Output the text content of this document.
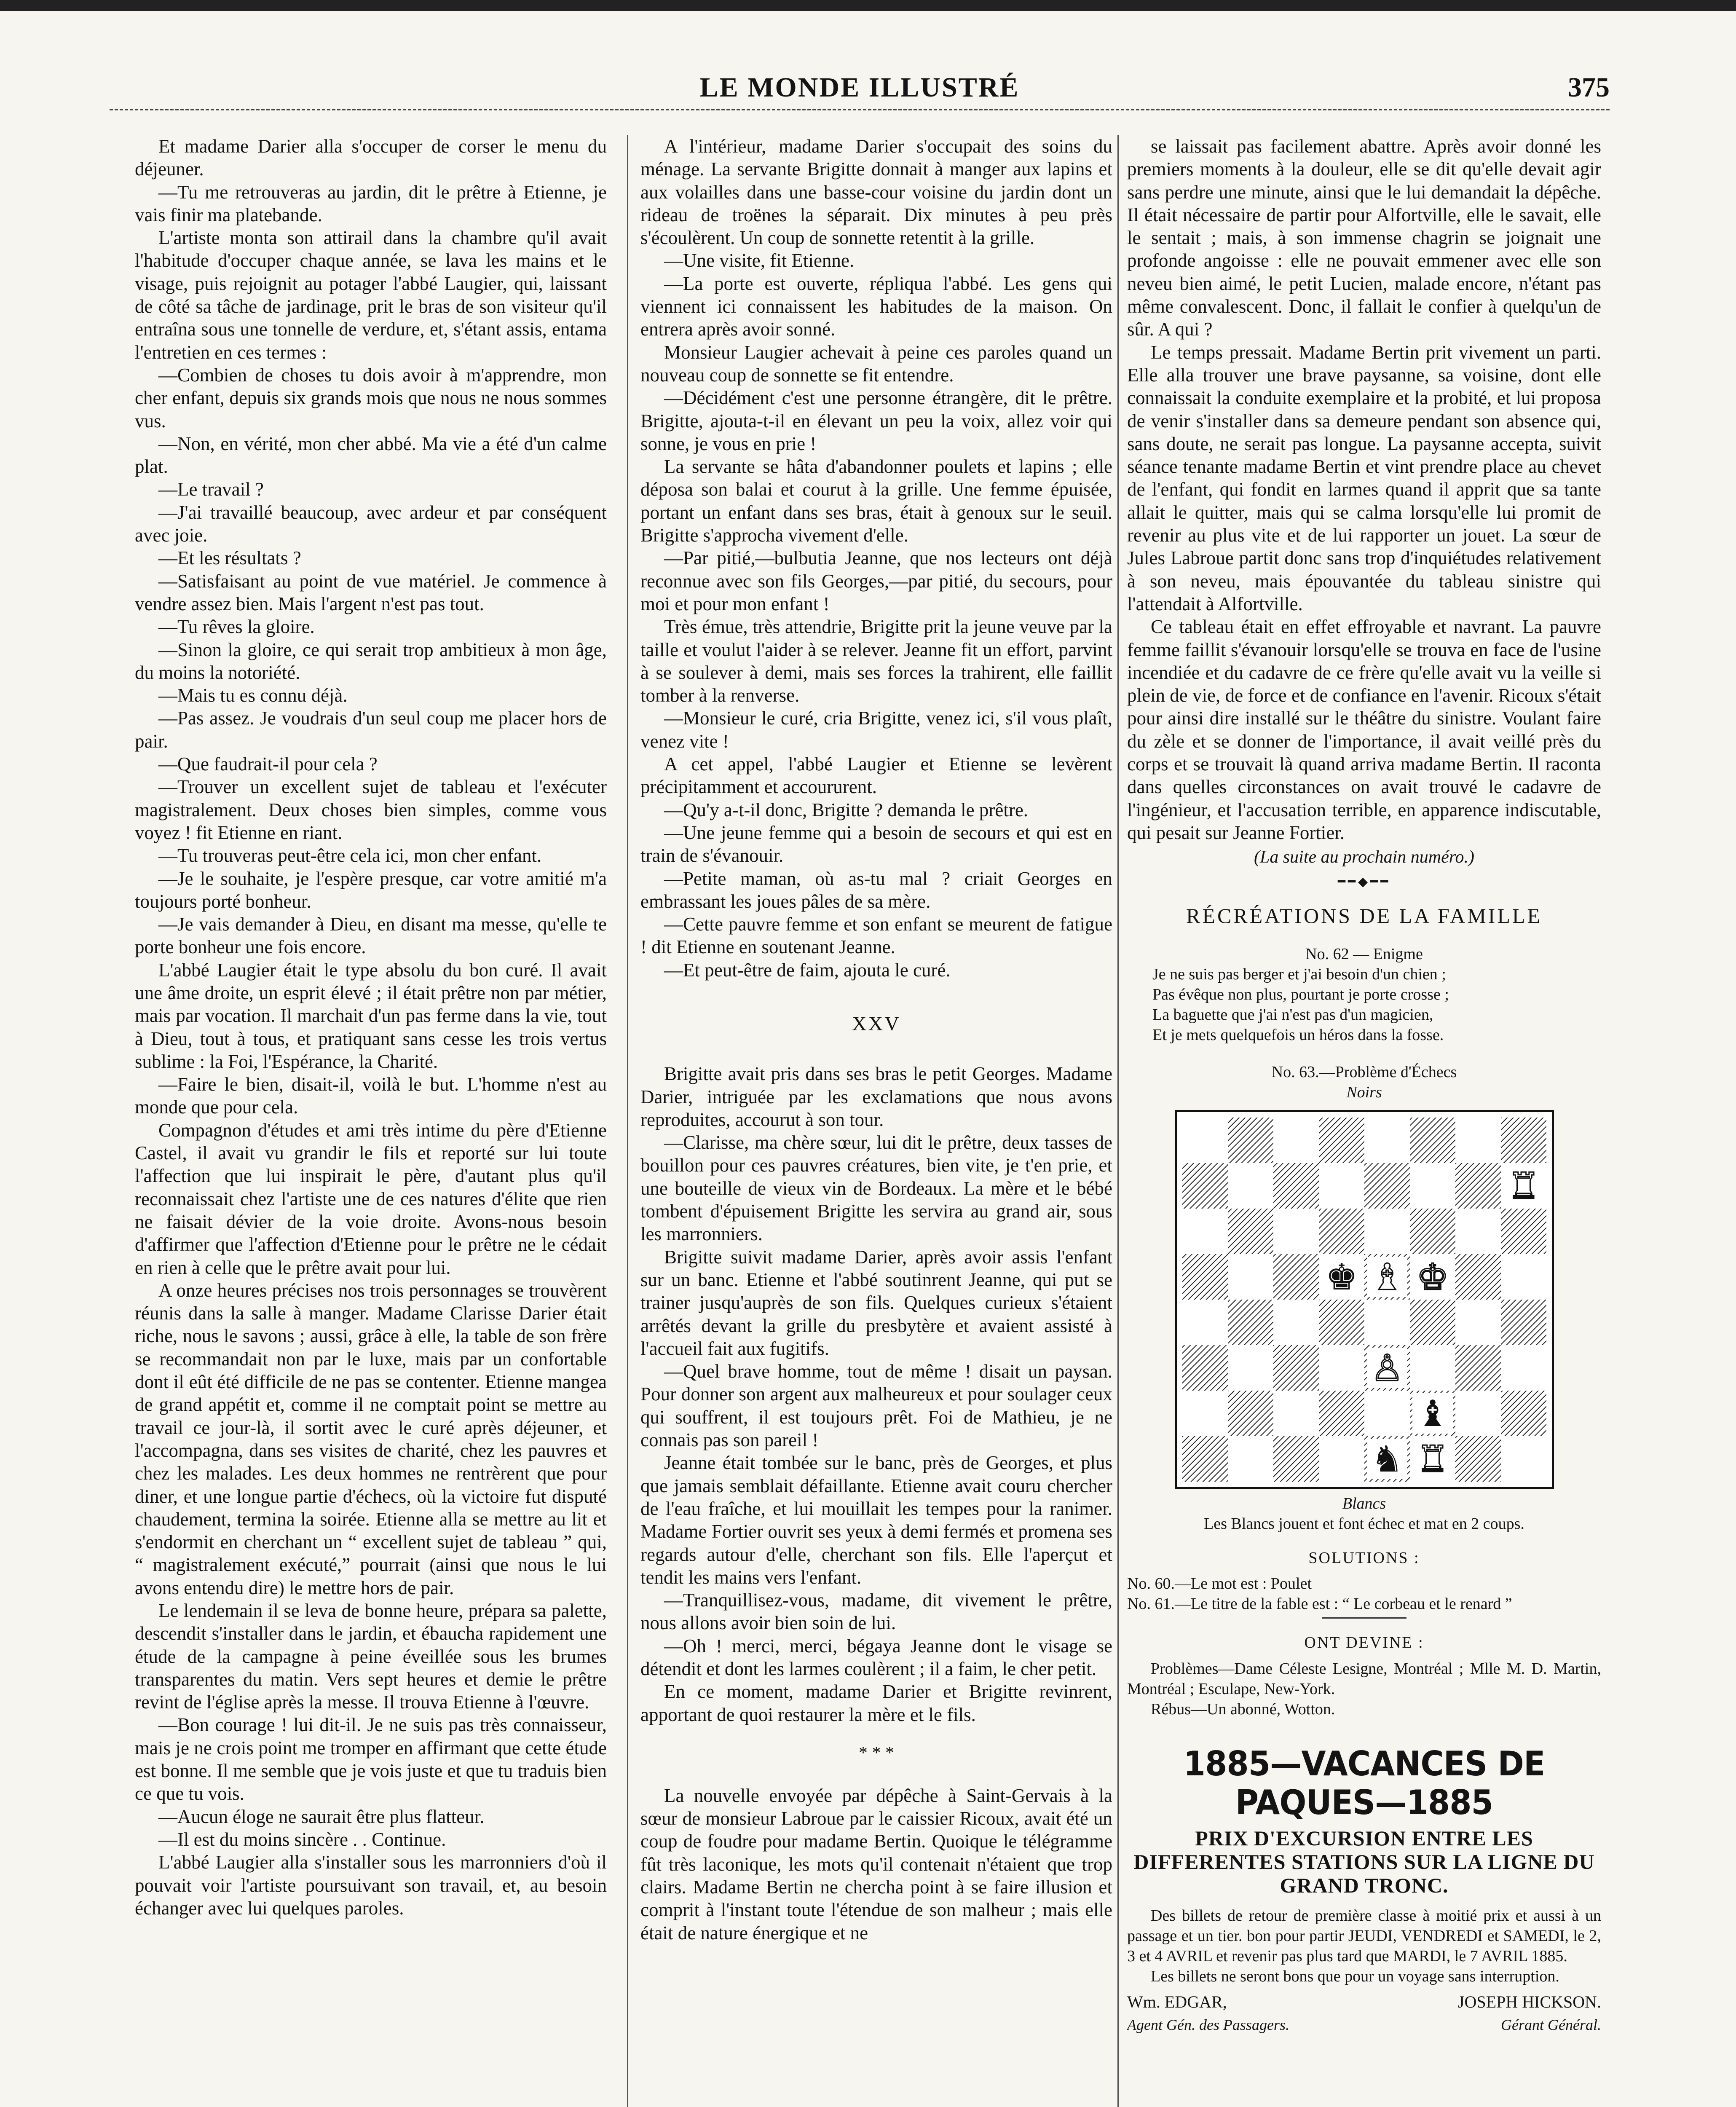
LE MONDE ILLUSTRÉ	375

Et madame Darier alla s'occuper de corser le menu du déjeuner.

—Tu me retrouveras au jardin, dit le prêtre à Etienne, je vais finir ma platebande.

L'artiste monta son attirail dans la chambre qu'il avait l'habitude d'occuper chaque année, se lava les mains et le visage, puis rejoignit au potager l'abbé Laugier, qui, laissant de côté sa tâche de jardinage, prit le bras de son visiteur qu'il entraîna sous une tonnelle de verdure, et, s'étant assis, entama l'entretien en ces termes :

—Combien de choses tu dois avoir à m'apprendre, mon cher enfant, depuis six grands mois que nous ne nous sommes vus.

—Non, en vérité, mon cher abbé. Ma vie a été d'un calme plat.

—Le travail ?

—J'ai travaillé beaucoup, avec ardeur et par conséquent avec joie.

—Et les résultats ?

—Satisfaisant au point de vue matériel. Je commence à vendre assez bien. Mais l'argent n'est pas tout.

—Tu rêves la gloire.

—Sinon la gloire, ce qui serait trop ambitieux à mon âge, du moins la notoriété.

—Mais tu es connu déjà.

—Pas assez. Je voudrais d'un seul coup me placer hors de pair.

—Que faudrait-il pour cela ?

—Trouver un excellent sujet de tableau et l'exécuter magistralement. Deux choses bien simples, comme vous voyez ! fit Etienne en riant.

—Tu trouveras peut-être cela ici, mon cher enfant.

—Je le souhaite, je l'espère presque, car votre amitié m'a toujours porté bonheur.

—Je vais demander à Dieu, en disant ma messe, qu'elle te porte bonheur une fois encore.

L'abbé Laugier était le type absolu du bon curé. Il avait une âme droite, un esprit élevé ; il était prêtre non par métier, mais par vocation. Il marchait d'un pas ferme dans la vie, tout à Dieu, tout à tous, et pratiquant sans cesse les trois vertus sublime : la Foi, l'Espérance, la Charité.

—Faire le bien, disait-il, voilà le but. L'homme n'est au monde que pour cela.

Compagnon d'études et ami très intime du père d'Etienne Castel, il avait vu grandir le fils et reporté sur lui toute l'affection que lui inspirait le père, d'autant plus qu'il reconnaissait chez l'artiste une de ces natures d'élite que rien ne faisait dévier de la voie droite. Avons-nous besoin d'affirmer que l'affection d'Etienne pour le prêtre ne le cédait en rien à celle que le prêtre avait pour lui.

A onze heures précises nos trois personnages se trouvèrent réunis dans la salle à manger. Madame Clarisse Darier était riche, nous le savons ; aussi, grâce à elle, la table de son frère se recommandait non par le luxe, mais par un confortable dont il eût été difficile de ne pas se contenter. Etienne mangea de grand appétit et, comme il ne comptait point se mettre au travail ce jour-là, il sortit avec le curé après déjeuner, et l'accompagna, dans ses visites de charité, chez les pauvres et chez les malades. Les deux hommes ne rentrèrent que pour diner, et une longue partie d'échecs, où la victoire fut disputé chaudement, termina la soirée. Etienne alla se mettre au lit et s'endormit en cherchant un “ excellent sujet de tableau ” qui, “ magistralement exécuté,” pourrait (ainsi que nous le lui avons entendu dire) le mettre hors de pair.

Le lendemain il se leva de bonne heure, prépara sa palette, descendit s'installer dans le jardin, et ébaucha rapidement une étude de la campagne à peine éveillée sous les brumes transparentes du matin. Vers sept heures et demie le prêtre revint de l'église après la messe. Il trouva Etienne à l'œuvre.

—Bon courage ! lui dit-il. Je ne suis pas très connaisseur, mais je ne crois point me tromper en affirmant que cette étude est bonne. Il me semble que je vois juste et que tu traduis bien ce que tu vois.

—Aucun éloge ne saurait être plus flatteur.

—Il est du moins sincère . . Continue.

L'abbé Laugier alla s'installer sous les marronniers d'où il pouvait voir l'artiste poursuivant son travail, et, au besoin échanger avec lui quelques paroles.

A l'intérieur, madame Darier s'occupait des soins du ménage. La servante Brigitte donnait à manger aux lapins et aux volailles dans une basse-cour voisine du jardin dont un rideau de troënes la séparait. Dix minutes à peu près s'écoulèrent. Un coup de sonnette retentit à la grille.

—Une visite, fit Etienne.

—La porte est ouverte, répliqua l'abbé. Les gens qui viennent ici connaissent les habitudes de la maison. On entrera après avoir sonné.

Monsieur Laugier achevait à peine ces paroles quand un nouveau coup de sonnette se fit entendre.

—Décidément c'est une personne étrangère, dit le prêtre. Brigitte, ajouta-t-il en élevant un peu la voix, allez voir qui sonne, je vous en prie !

La servante se hâta d'abandonner poulets et lapins ; elle déposa son balai et courut à la grille. Une femme épuisée, portant un enfant dans ses bras, était à genoux sur le seuil. Brigitte s'approcha vivement d'elle.

—Par pitié,—bulbutia Jeanne, que nos lecteurs ont déjà reconnue avec son fils Georges,—par pitié, du secours, pour moi et pour mon enfant !

Très émue, très attendrie, Brigitte prit la jeune veuve par la taille et voulut l'aider à se relever. Jeanne fit un effort, parvint à se soulever à demi, mais ses forces la trahirent, elle faillit tomber à la renverse.

—Monsieur le curé, cria Brigitte, venez ici, s'il vous plaît, venez vite !

A cet appel, l'abbé Laugier et Etienne se levèrent précipitamment et accoururent.

—Qu'y a-t-il donc, Brigitte ? demanda le prêtre.

—Une jeune femme qui a besoin de secours et qui est en train de s'évanouir.

—Petite maman, où as-tu mal ? criait Georges en embrassant les joues pâles de sa mère.

—Cette pauvre femme et son enfant se meurent de fatigue ! dit Etienne en soutenant Jeanne.

—Et peut-être de faim, ajouta le curé.

XXV

Brigitte avait pris dans ses bras le petit Georges. Madame Darier, intriguée par les exclamations que nous avons reproduites, accourut à son tour.

—Clarisse, ma chère sœur, lui dit le prêtre, deux tasses de bouillon pour ces pauvres créatures, bien vite, je t'en prie, et une bouteille de vieux vin de Bordeaux. La mère et le bébé tombent d'épuisement Brigitte les servira au grand air, sous les marronniers.

Brigitte suivit madame Darier, après avoir assis l'enfant sur un banc. Etienne et l'abbé soutinrent Jeanne, qui put se trainer jusqu'auprès de son fils. Quelques curieux s'étaient arrêtés devant la grille du presbytère et avaient assisté à l'accueil fait aux fugitifs.

—Quel brave homme, tout de même ! disait un paysan. Pour donner son argent aux malheureux et pour soulager ceux qui souffrent, il est toujours prêt. Foi de Mathieu, je ne connais pas son pareil !

Jeanne était tombée sur le banc, près de Georges, et plus que jamais semblait défaillante. Etienne avait couru chercher de l'eau fraîche, et lui mouillait les tempes pour la ranimer. Madame Fortier ouvrit ses yeux à demi fermés et promena ses regards autour d'elle, cherchant son fils. Elle l'aperçut et tendit les mains vers l'enfant.

—Tranquillisez-vous, madame, dit vivement le prêtre, nous allons avoir bien soin de lui.

—Oh ! merci, merci, bégaya Jeanne dont le visage se détendit et dont les larmes coulèrent ; il a faim, le cher petit.

En ce moment, madame Darier et Brigitte revinrent, apportant de quoi restaurer la mère et le fils.

* * *

La nouvelle envoyée par dépêche à Saint-Gervais à la sœur de monsieur Labroue par le caissier Ricoux, avait été un coup de foudre pour madame Bertin. Quoique le télégramme fût très laconique, les mots qu'il contenait n'étaient que trop clairs. Madame Bertin ne chercha point à se faire illusion et comprit à l'instant toute l'étendue de son malheur ; mais elle était de nature énergique et ne

se laissait pas facilement abattre. Après avoir donné les premiers moments à la douleur, elle se dit qu'elle devait agir sans perdre une minute, ainsi que le lui demandait la dépêche. Il était nécessaire de partir pour Alfortville, elle le savait, elle le sentait ; mais, à son immense chagrin se joignait une profonde angoisse : elle ne pouvait emmener avec elle son neveu bien aimé, le petit Lucien, malade encore, n'étant pas même convalescent. Donc, il fallait le confier à quelqu'un de sûr. A qui ?

Le temps pressait. Madame Bertin prit vivement un parti. Elle alla trouver une brave paysanne, sa voisine, dont elle connaissait la conduite exemplaire et la probité, et lui proposa de venir s'installer dans sa demeure pendant son absence qui, sans doute, ne serait pas longue. La paysanne accepta, suivit séance tenante madame Bertin et vint prendre place au chevet de l'enfant, qui fondit en larmes quand il apprit que sa tante allait le quitter, mais qui se calma lorsqu'elle lui promit de revenir au plus vite et de lui rapporter un jouet. La sœur de Jules Labroue partit donc sans trop d'inquiétudes relativement à son neveu, mais épouvantée du tableau sinistre qui l'attendait à Alfortville.

Ce tableau était en effet effroyable et navrant. La pauvre femme faillit s'évanouir lorsqu'elle se trouva en face de l'usine incendiée et du cadavre de ce frère qu'elle avait vu la veille si plein de vie, de force et de confiance en l'avenir. Ricoux s'était pour ainsi dire installé sur le théâtre du sinistre. Voulant faire du zèle et se donner de l'importance, il avait veillé près du corps et se trouvait là quand arriva madame Bertin. Il raconta dans quelles circonstances on avait trouvé le cadavre de l'ingénieur, et l'accusation terrible, en apparence indiscutable, qui pesait sur Jeanne Fortier.

(La suite au prochain numéro.)

━━◆━━

RÉCRÉATIONS DE LA FAMILLE

No. 62 — Enigme

Je ne suis pas berger et j'ai besoin d'un chien ;

Pas évêque non plus, pourtant je porte crosse ;

La baguette que j'ai n'est pas d'un magicien,

Et je mets quelquefois un héros dans la fosse.

No. 63.—Problème d'Échecs

Noirs

♜
♚ ♝ ♚
♙
♝
♞ ♜

Blancs

Les Blancs jouent et font échec et mat en 2 coups.

SOLUTIONS :

No. 60.—Le mot est : Poulet

No. 61.—Le titre de la fable est : “ Le corbeau et le renard ”

ONT DEVINE :

Problèmes—Dame Céleste Lesigne, Montréal ; Mlle M. D. Martin, Montréal ; Esculape, New-York.

Rébus—Un abonné, Wotton.

1885—VACANCES DE PAQUES—1885

PRIX D'EXCURSION ENTRE LES DIFFERENTES STATIONS SUR LA LIGNE DU GRAND TRONC.

Des billets de retour de première classe à moitié prix et aussi à un passage et un tier. bon pour partir JEUDI, VENDREDI et SAMEDI, le 2, 3 et 4 AVRIL et revenir pas plus tard que MARDI, le 7 AVRIL 1885.

Les billets ne seront bons que pour un voyage sans interruption.

Wm. EDGAR,	JOSEPH HICKSON.
Agent Gén. des Passagers.	Gérant Général.
